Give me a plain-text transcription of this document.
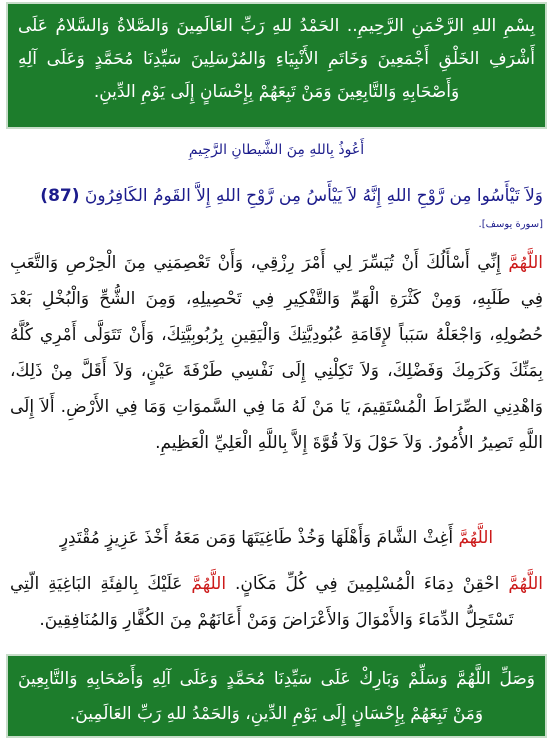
بِسْمِ اللهِ الرَّحْمَنِ الرَّحِيمِ.. الحَمْدُ للهِ رَبِّ العَالَمِينَ وَالصَّلاةُ وَالسَّلامُ عَلَى أَشْرَفِ الخَلْقِ أَجْمَعِينَ وَخَاتَمِ الأَنْبِيَاءِ وَالمُرْسَلِينَ سَيِّدِنَا مُحَمَّدٍ وَعَلَى آلِهِ وَأَصْحَابِهِ وَالتَّابِعِينَ وَمَنْ تَبِعَهُمْ بِإِحْسَانٍ إِلَى يَوْمِ الدِّينِ.
أَعُوذُ بِاللهِ مِنَ الشَّيطانِ الرَّجِيمِ
وَلاَ تَيْأَسُوا مِن رَّوْحِ اللهِ إِنَّهُ لاَ يَيْأَسُ مِن رَّوْحِ اللهِ إِلاَّ القَومُ الكَافِرُونَ (87) [سورة يوسف].
اللَّهُمَّ إِنِّي أَسْأَلُكَ أَنْ تُيَسِّرَ لِي أَمْرَ رِزْقِي، وَأَنْ تَعْصِمَنِي مِنَ الْحِرْصِ وَالتَّعَبِ فِي طَلَبِهِ، وَمِنْ كَثْرَةِ الْهَمِّ وَالتَّفْكِيرِ فِي تَحْصِيلِهِ، وَمِنَ الشُّحِّ وَالْبُخْلِ بَعْدَ حُصُولِهِ، وَاجْعَلْهُ سَبَباً لإِقَامَةِ عُبُودِيَّتِكَ وَالْيَقِينِ بِرُبُوبِيَّتِكَ، وَأَنْ تَتَوَلَّى أَمْرِي كُلَّهُ بِمَنِّكَ وَكَرَمِكَ وَفَضْلِكَ، وَلاَ تَكِلْنِي إِلَى نَفْسِي طَرْفَةَ عَيْنٍ، وَلاَ أَقَلَّ مِنْ ذَلِكَ، وَاهْدِنِي الصِّرَاطَ الْمُسْتَقِيمَ، يَا مَنْ لَهُ مَا فِي السَّموَاتِ وَمَا فِي الأَرْضِ. أَلاَ إِلَى اللَّهِ تَصِيرُ الأُمُورُ. وَلاَ حَوْلَ وَلاَ قُوَّةَ إِلاَّ بِاللَّهِ الْعَلِيِّ الْعَظِيمِ.
اللَّهُمَّ أَغِثْ الشَّامَ وَأَهْلَهَا وَخُذْ طَاغِيَتَهَا وَمَن مَعَهُ أَخْذَ عَزِيزٍ مُقْتَدِرٍ
اللَّهُمَّ احْقِنْ دِمَاءَ الْمُسْلِمِينَ فِي كُلِّ مَكَانٍ. اللَّهُمَّ عَلَيْكَ بِالفِئَةِ البَاغِيَةِ الّتِي تَسْتَحِلُّ الدِّمَاءَ وَالأَمْوَالَ وَالأَعْرَاضَ وَمَنْ أَعَانَهُمْ مِنَ الكُفَّارِ وَالمُنَافِقِينَ.
وَصَلِّ اللَّهُمَّ وَسَلِّمْ وَبَارِكْ عَلَى سَيِّدِنَا مُحَمَّدٍ وَعَلَى آلِهِ وَأَصْحَابِهِ وَالتَّابِعِينَ وَمَنْ تَبِعَهُمْ بِإِحْسَانٍ إِلَى يَوْمِ الدِّينِ، وَالحَمْدُ للهِ رَبِّ العَالَمِينَ.
